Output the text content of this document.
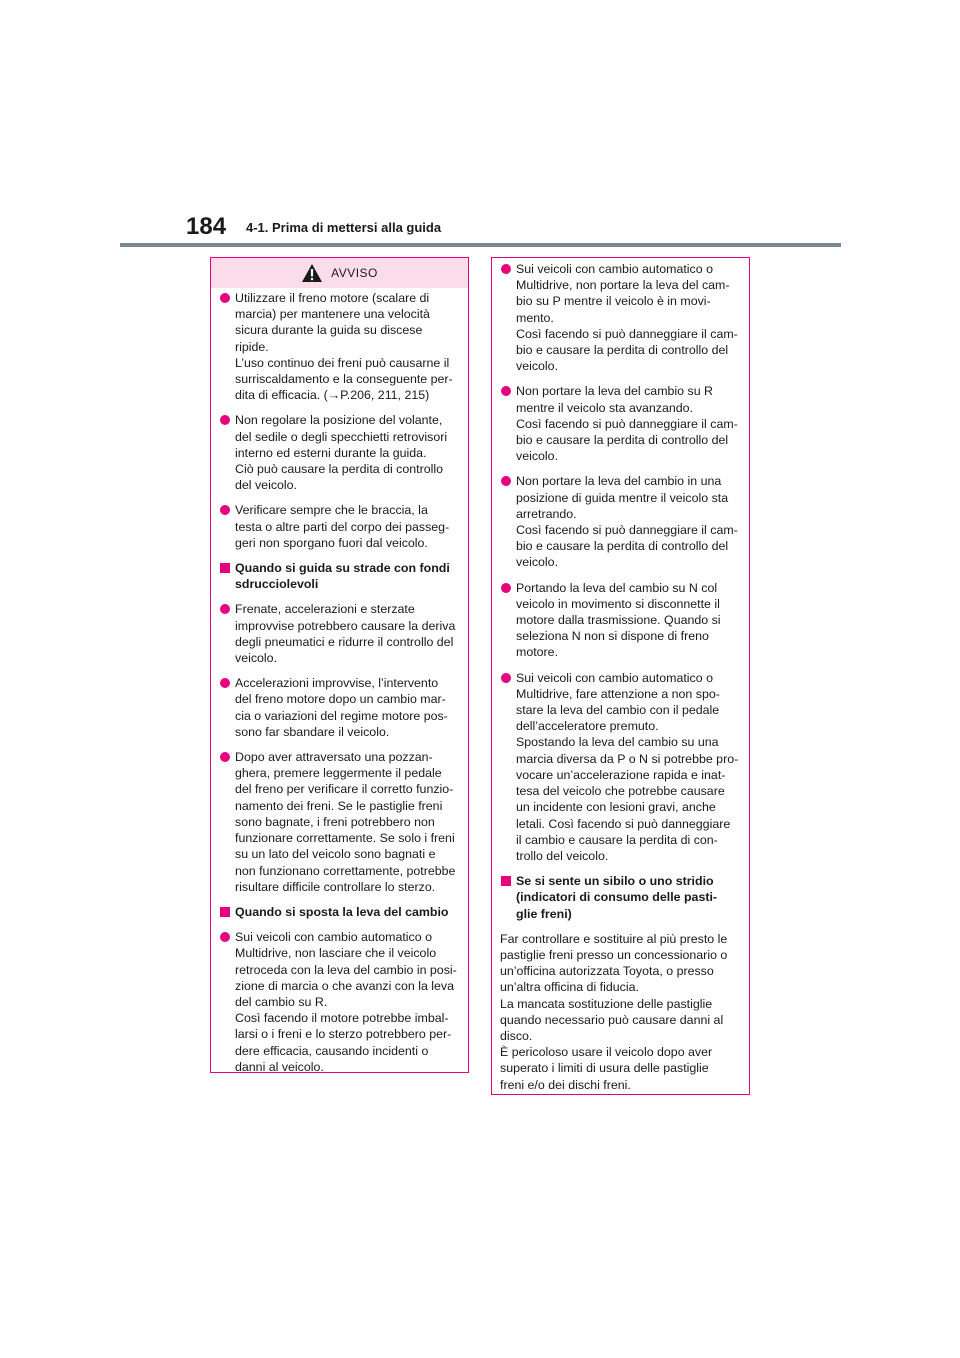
184 4-1. Prima di mettersi alla guida
AVVISO
Utilizzare il freno motore (scalare di
marcia) per mantenere una velocità
sicura durante la guida su discese
ripide.
L’uso continuo dei freni può causarne il
surriscaldamento e la conseguente per-
dita di efficacia. (→P.206, 211, 215)
Non regolare la posizione del volante,
del sedile o degli specchietti retrovisori
interno ed esterni durante la guida.
Ciò può causare la perdita di controllo
del veicolo.
Verificare sempre che le braccia, la
testa o altre parti del corpo dei passeg-
geri non sporgano fuori dal veicolo.
Quando si guida su strade con fondi
sdrucciolevoli
Frenate, accelerazioni e sterzate
improvvise potrebbero causare la deriva
degli pneumatici e ridurre il controllo del
veicolo.
Accelerazioni improvvise, l’intervento
del freno motore dopo un cambio mar-
cia o variazioni del regime motore pos-
sono far sbandare il veicolo.
Dopo aver attraversato una pozzan-
ghera, premere leggermente il pedale
del freno per verificare il corretto funzio-
namento dei freni. Se le pastiglie freni
sono bagnate, i freni potrebbero non
funzionare correttamente. Se solo i freni
su un lato del veicolo sono bagnati e
non funzionano correttamente, potrebbe
risultare difficile controllare lo sterzo.
Quando si sposta la leva del cambio
Sui veicoli con cambio automatico o
Multidrive, non lasciare che il veicolo
retroceda con la leva del cambio in posi-
zione di marcia o che avanzi con la leva
del cambio su R.
Così facendo il motore potrebbe imbal-
larsi o i freni e lo sterzo potrebbero per-
dere efficacia, causando incidenti o
danni al veicolo.
Sui veicoli con cambio automatico o
Multidrive, non portare la leva del cam-
bio su P mentre il veicolo è in movi-
mento.
Così facendo si può danneggiare il cam-
bio e causare la perdita di controllo del
veicolo.
Non portare la leva del cambio su R
mentre il veicolo sta avanzando.
Così facendo si può danneggiare il cam-
bio e causare la perdita di controllo del
veicolo.
Non portare la leva del cambio in una
posizione di guida mentre il veicolo sta
arretrando.
Così facendo si può danneggiare il cam-
bio e causare la perdita di controllo del
veicolo.
Portando la leva del cambio su N col
veicolo in movimento si disconnette il
motore dalla trasmissione. Quando si
seleziona N non si dispone di freno
motore.
Sui veicoli con cambio automatico o
Multidrive, fare attenzione a non spo-
stare la leva del cambio con il pedale
dell’acceleratore premuto.
Spostando la leva del cambio su una
marcia diversa da P o N si potrebbe pro-
vocare un’accelerazione rapida e inat-
tesa del veicolo che potrebbe causare
un incidente con lesioni gravi, anche
letali. Così facendo si può danneggiare
il cambio e causare la perdita di con-
trollo del veicolo.
Se si sente un sibilo o uno stridio
(indicatori di consumo delle pasti-
glie freni)
Far controllare e sostituire al più presto le
pastiglie freni presso un concessionario o
un’officina autorizzata Toyota, o presso
un’altra officina di fiducia.
La mancata sostituzione delle pastiglie
quando necessario può causare danni al
disco.
È pericoloso usare il veicolo dopo aver
superato i limiti di usura delle pastiglie
freni e/o dei dischi freni.
